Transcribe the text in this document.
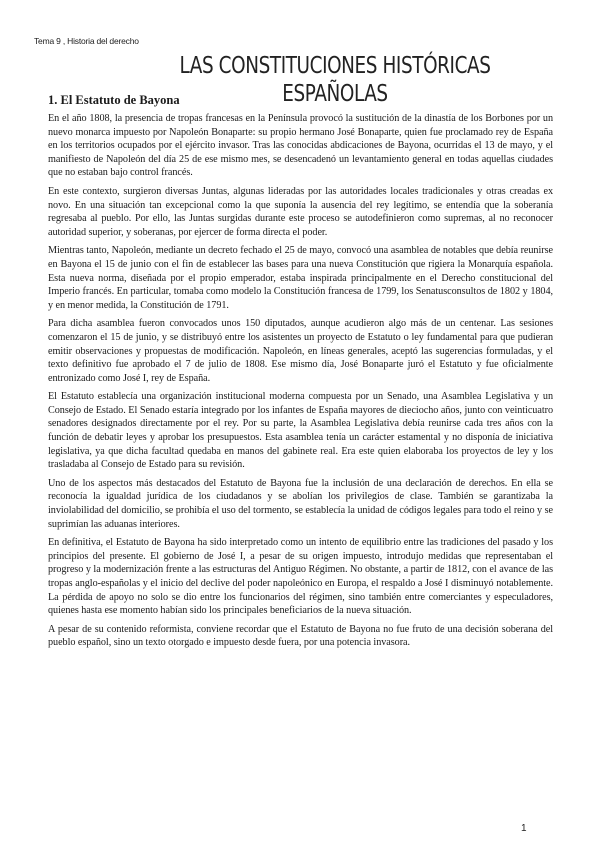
Tema 9 , Historia del derecho
LAS CONSTITUCIONES HISTÓRICAS ESPAÑOLAS
1. El Estatuto de Bayona

En el año 1808, la presencia de tropas francesas en la Península provocó la sustitución de la dinastía de los Borbones por un nuevo monarca impuesto por Napoleón Bonaparte: su propio hermano José Bonaparte, quien fue proclamado rey de España en los territorios ocupados por el ejército invasor. Tras las conocidas abdicaciones de Bayona, ocurridas el 13 de mayo, y el manifiesto de Napoleón del día 25 de ese mismo mes, se desencadenó un levantamiento general en todas aquellas ciudades que no estaban bajo control francés.

En este contexto, surgieron diversas Juntas, algunas lideradas por las autoridades locales tradicionales y otras creadas ex novo. En una situación tan excepcional como la que suponía la ausencia del rey legítimo, se entendía que la soberanía regresaba al pueblo. Por ello, las Juntas surgidas durante este proceso se autodefinieron como supremas, al no reconocer autoridad superior, y soberanas, por ejercer de forma directa el poder.

Mientras tanto, Napoleón, mediante un decreto fechado el 25 de mayo, convocó una asamblea de notables que debía reunirse en Bayona el 15 de junio con el fin de establecer las bases para una nueva Constitución que rigiera la Monarquía española. Esta nueva norma, diseñada por el propio emperador, estaba inspirada principalmente en el Derecho constitucional del Imperio francés. En particular, tomaba como modelo la Constitución francesa de 1799, los Senatusconsultos de 1802 y 1804, y en menor medida, la Constitución de 1791.

Para dicha asamblea fueron convocados unos 150 diputados, aunque acudieron algo más de un centenar. Las sesiones comenzaron el 15 de junio, y se distribuyó entre los asistentes un proyecto de Estatuto o ley fundamental para que pudieran emitir observaciones y propuestas de modificación. Napoleón, en líneas generales, aceptó las sugerencias formuladas, y el texto definitivo fue aprobado el 7 de julio de 1808. Ese mismo día, José Bonaparte juró el Estatuto y fue oficialmente entronizado como José I, rey de España.

El Estatuto establecía una organización institucional moderna compuesta por un Senado, una Asamblea Legislativa y un Consejo de Estado. El Senado estaría integrado por los infantes de España mayores de dieciocho años, junto con veinticuatro senadores designados directamente por el rey. Por su parte, la Asamblea Legislativa debía reunirse cada tres años con la función de debatir leyes y aprobar los presupuestos. Esta asamblea tenía un carácter estamental y no disponía de iniciativa legislativa, ya que dicha facultad quedaba en manos del gabinete real. Era este quien elaboraba los proyectos de ley y los trasladaba al Consejo de Estado para su revisión.

Uno de los aspectos más destacados del Estatuto de Bayona fue la inclusión de una declaración de derechos. En ella se reconocía la igualdad jurídica de los ciudadanos y se abolían los privilegios de clase. También se garantizaba la inviolabilidad del domicilio, se prohibía el uso del tormento, se establecía la unidad de códigos legales para todo el reino y se suprimían las aduanas interiores.

En definitiva, el Estatuto de Bayona ha sido interpretado como un intento de equilibrio entre las tradiciones del pasado y los principios del presente. El gobierno de José I, a pesar de su origen impuesto, introdujo medidas que representaban el progreso y la modernización frente a las estructuras del Antiguo Régimen. No obstante, a partir de 1812, con el avance de las tropas anglo-españolas y el inicio del declive del poder napoleónico en Europa, el respaldo a José I disminuyó notablemente. La pérdida de apoyo no solo se dio entre los funcionarios del régimen, sino también entre comerciantes y especuladores, quienes hasta ese momento habían sido los principales beneficiarios de la nueva situación.

A pesar de su contenido reformista, conviene recordar que el Estatuto de Bayona no fue fruto de una decisión soberana del pueblo español, sino un texto otorgado e impuesto desde fuera, por una potencia invasora.

1
